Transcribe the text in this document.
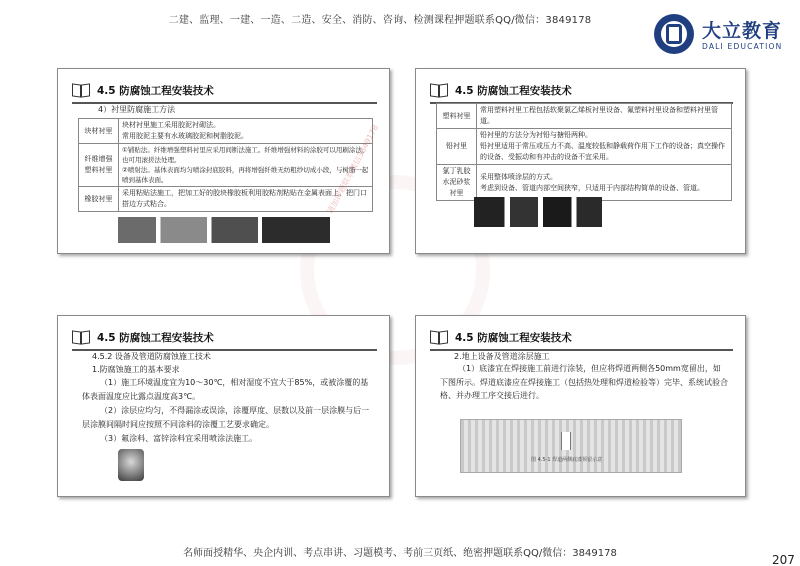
二建、监理、一建、一造、二造、安全、消防、咨询、检测课程押题联系QQ/微信：3849178	大立教育
DALI EDUCATION
4.5 防腐蚀工程安装技术
4）衬里防腐施工方法
块材衬里	块材衬里施工采用胶泥衬砌法。
常用胶泥主要有水玻璃胶泥和树脂胶泥。
纤维增强塑料衬里	①铺贴法。纤维增强塑料衬里应采用间断法施工。纤维增强材料的涂胶可以用刷涂法，也可用滚搓法处理。
②喷射法。基体表面均匀喷涂封底胶料，再将增强纤维无纺粗纱切成小段，与树脂一起喷到基体表面。
橡胶衬里	采用粘贴法施工，把加工好的胶块橡胶板利用胶粘剂粘贴在金属表面上，把门口搭边方式粘合。	请加押题联系微信3849178
4.5 防腐蚀工程安装技术
塑料衬里	常用塑料衬里工程包括软聚氯乙烯板衬里设备、氟塑料衬里设备和塑料衬里管道。
铅衬里	铅衬里的方法分为衬铅与搪铅两种。
铅衬里适用于常压或压力不高、温度较低和静载荷作用下工作的设备；真空操作的设备、受振动和有冲击的设备不宜采用。
氯丁乳胶水泥砂浆衬里	采用整体喷涂层的方式。
考虑到设备、管道内部空间狭窄，只适用于内部结构简单的设备、管道。
4.5 防腐蚀工程安装技术
4.5.2 设备及管道防腐蚀施工技术
1.防腐蚀施工的基本要求
（1）施工环境温度宜为10～30℃，相对湿度不宜大于85%，或被涂覆的基体表面温度应比露点温度高3℃。
（2）涂层应均匀，不得漏涂或误涂，涂覆厚度、层数以及前一层涂膜与后一层涂膜间隔时间应按照不同涂料的涂覆工艺要求确定。
（3）氟涂料、富锌涂料宜采用喷涂法施工。
4.5 防腐蚀工程安装技术
2.地上设备及管道涂层施工
（1）底漆宜在焊接施工前进行涂装，但应将焊道两侧各50mm宽留出，如下图所示。焊道底漆应在焊接施工（包括热处理和焊道检验等）完毕、系统试验合格、并办理工序交接后进行。
图 4.5-1 焊道两侧底漆预留示意
名师面授精华、央企内训、考点串讲、习题模考、考前三页纸、绝密押题联系QQ/微信：3849178	207
